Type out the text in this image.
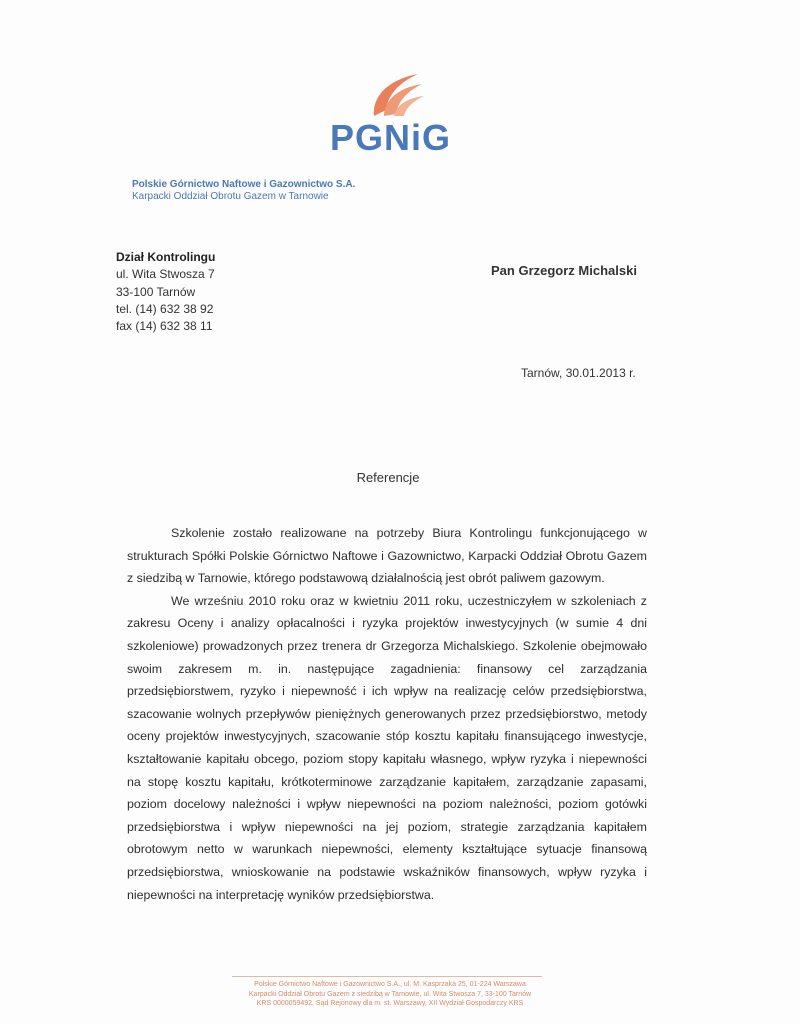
PGNiG
Polskie Górnictwo Naftowe i Gazownictwo S.A.
Karpacki Oddział Obrotu Gazem w Tarnowie
Dział Kontrolingu
ul. Wita Stwosza 7
33-100 Tarnów
tel. (14) 632 38 92
fax (14) 632 38 11
Pan Grzegorz Michalski
Tarnów, 30.01.2013 r.
Referencje

Szkolenie zostało realizowane na potrzeby Biura Kontrolingu funkcjonującego w strukturach Spółki Polskie Górnictwo Naftowe i Gazownictwo, Karpacki Oddział Obrotu Gazem z siedzibą w Tarnowie, którego podstawową działalnością jest obrót paliwem gazowym.

We wrześniu 2010 roku oraz w kwietniu 2011 roku, uczestniczyłem w szkoleniach z zakresu Oceny i analizy opłacalności i ryzyka projektów inwestycyjnych (w sumie 4 dni szkoleniowe) prowadzonych przez trenera dr Grzegorza Michalskiego. Szkolenie obejmowało swoim zakresem m. in. następujące zagadnienia: finansowy cel zarządzania przedsiębiorstwem, ryzyko i niepewność i ich wpływ na realizację celów przedsiębiorstwa, szacowanie wolnych przepływów pieniężnych generowanych przez przedsiębiorstwo, metody oceny projektów inwestycyjnych, szacowanie stóp kosztu kapitału finansującego inwestycje, kształtowanie kapitału obcego, poziom stopy kapitału własnego, wpływ ryzyka i niepewności na stopę kosztu kapitału, krótkoterminowe zarządzanie kapitałem, zarządzanie zapasami, poziom docelowy należności i wpływ niepewności na poziom należności, poziom gotówki przedsiębiorstwa i wpływ niepewności na jej poziom, strategie zarządzania kapitałem obrotowym netto w warunkach niepewności, elementy kształtujące sytuacje finansową przedsiębiorstwa, wnioskowanie na podstawie wskaźników finansowych, wpływ ryzyka i niepewności na interpretację wyników przedsiębiorstwa.

Polskie Górnictwo Naftowe i Gazownictwo S.A., ul. M. Kasprzaka 25, 01-224 Warszawa
Karpacki Oddział Obrotu Gazem z siedzibą w Tarnowie, ul. Wita Stwosza 7, 33-100 Tarnów
KRS 0000059492, Sąd Rejonowy dla m. st. Warszawy, XII Wydział Gospodarczy KRS
